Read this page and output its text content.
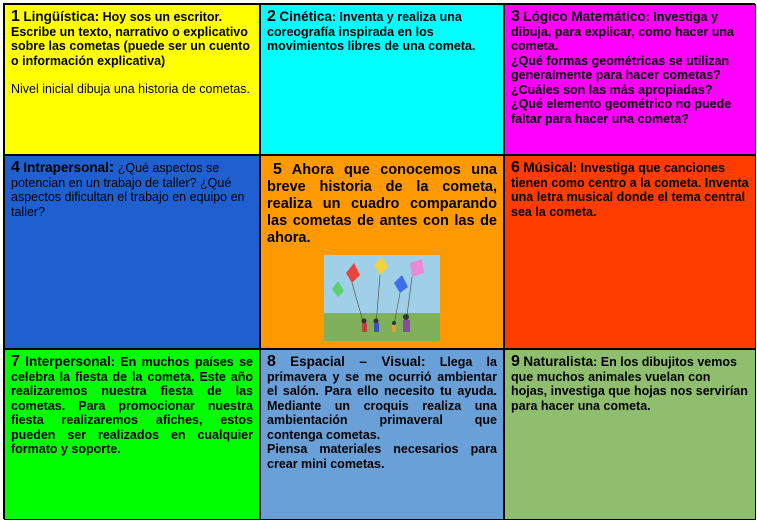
1 Lingüística: Hoy sos un escritor. Escribe un texto, narrativo o explicativo sobre las cometas (puede ser un cuento o información explicativa)

Nivel inicial dibuja una historia de cometas.

2 Cinética: Inventa y realiza una coreografía inspirada en los movimientos libres de una cometa.

3 Lógico Matemático: Investiga y dibuja, para explicar, como hacer una cometa.

¿Qué formas geométricas se utilizan generalmente para hacer cometas?

¿Cuáles son las más apropiadas?

¿Qué elemento geométrico no puede faltar para hacer una cometa?

4 Intrapersonal: ¿Qué aspectos se potencian en un trabajo de taller? ¿Qué aspectos dificultan el trabajo en equipo en taller?

5 Ahora que conocemos una breve historia de la cometa, realiza un cuadro comparando las cometas de antes con las de ahora.

6 Músical: Investiga que canciones tienen como centro a la cometa. Inventa una letra musical donde el tema central sea la cometa.

7 Interpersonal: En muchos países se celebra la fiesta de la cometa. Este año realizaremos nuestra fiesta de las cometas. Para promocionar nuestra fiesta realizaremos afiches, estos pueden ser realizados en cualquier formato y soporte.

8 Espacial – Visual: Llega la primavera y se me ocurrió ambientar el salón. Para ello necesito tu ayuda. Mediante un croquis realiza una ambientación primaveral que contenga cometas.

Piensa materiales necesarios para crear mini cometas.

9 Naturalista: En los dibujitos vemos que muchos animales vuelan con hojas, investiga que hojas nos servirían para hacer una cometa.
